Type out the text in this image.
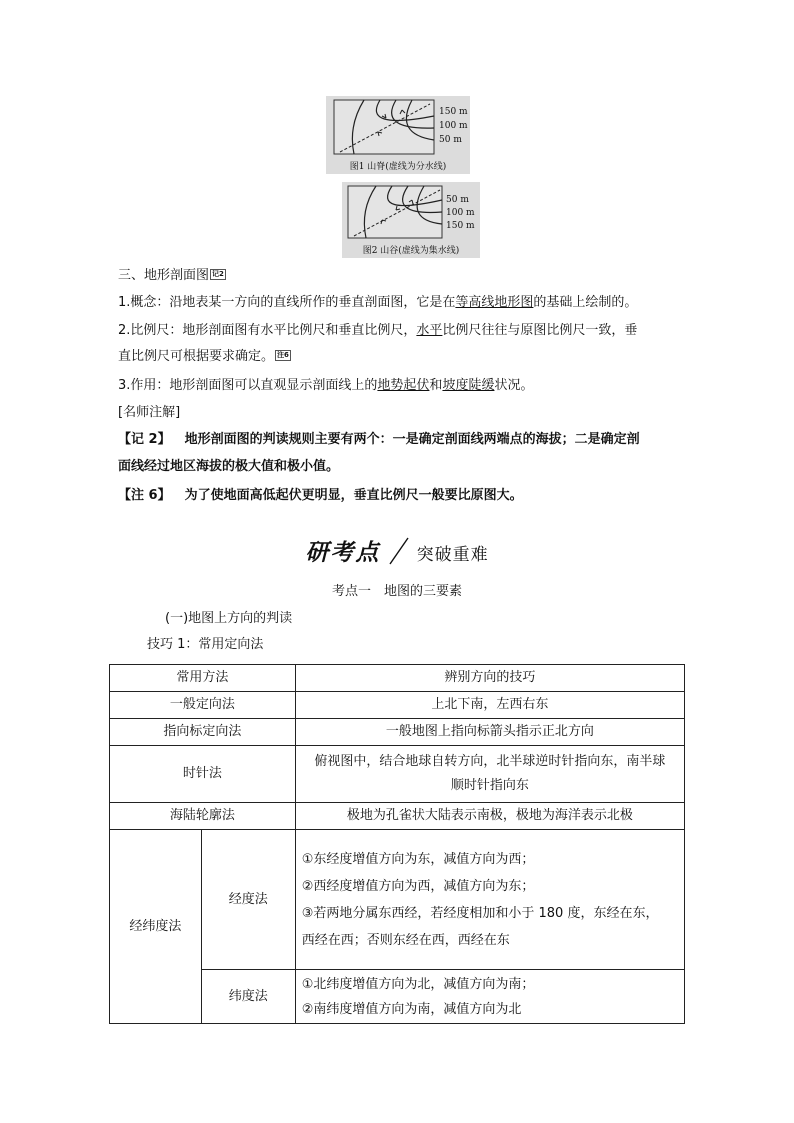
150 m
100 m
50 m
图1 山脊(虚线为分水线)
50 m
100 m
150 m
图2 山谷(虚线为集水线)
三、地形剖面图 记2
1.概念：沿地表某一方向的直线所作的垂直剖面图，它是在等高线地形图的基础上绘制的。
2.比例尺：地形剖面图有水平比例尺和垂直比例尺，水平比例尺往往与原图比例尺一致，垂
直比例尺可根据要求确定。 注6
3.作用：地形剖面图可以直观显示剖面线上的地势起伏和坡度陡缓状况。
[名师注解]
【记 2】 地形剖面图的判读规则主要有两个：一是确定剖面线两端点的海拔；二是确定剖
面线经过地区海拔的极大值和极小值。
【注 6】 为了使地面高低起伏更明显，垂直比例尺一般要比原图大。
研考点 突破重难
考点一　地图的三要素
(一)地图上方向的判读
技巧 1：常用定向法
常用方法		辨别方向的技巧
一般定向法		上北下南，左西右东
指向标定向法		一般地图上指向标箭头指示正北方向
时针法		俯视图中，结合地球自转方向，北半球逆时针指向东，南半球
顺时针指向东

海陆轮廓法		极地为孔雀状大陆表示南极，极地为海洋表示北极
经纬度法	经度法	①东经度增值方向为东，减值方向为西；
②西经度增值方向为西，减值方向为东；
③若两地分属东西经，若经度相加和小于 180 度，东经在东，
西经在西；否则东经在西，西经在东

	纬度法	①北纬度增值方向为北，减值方向为南；
②南纬度增值方向为南，减值方向为北
